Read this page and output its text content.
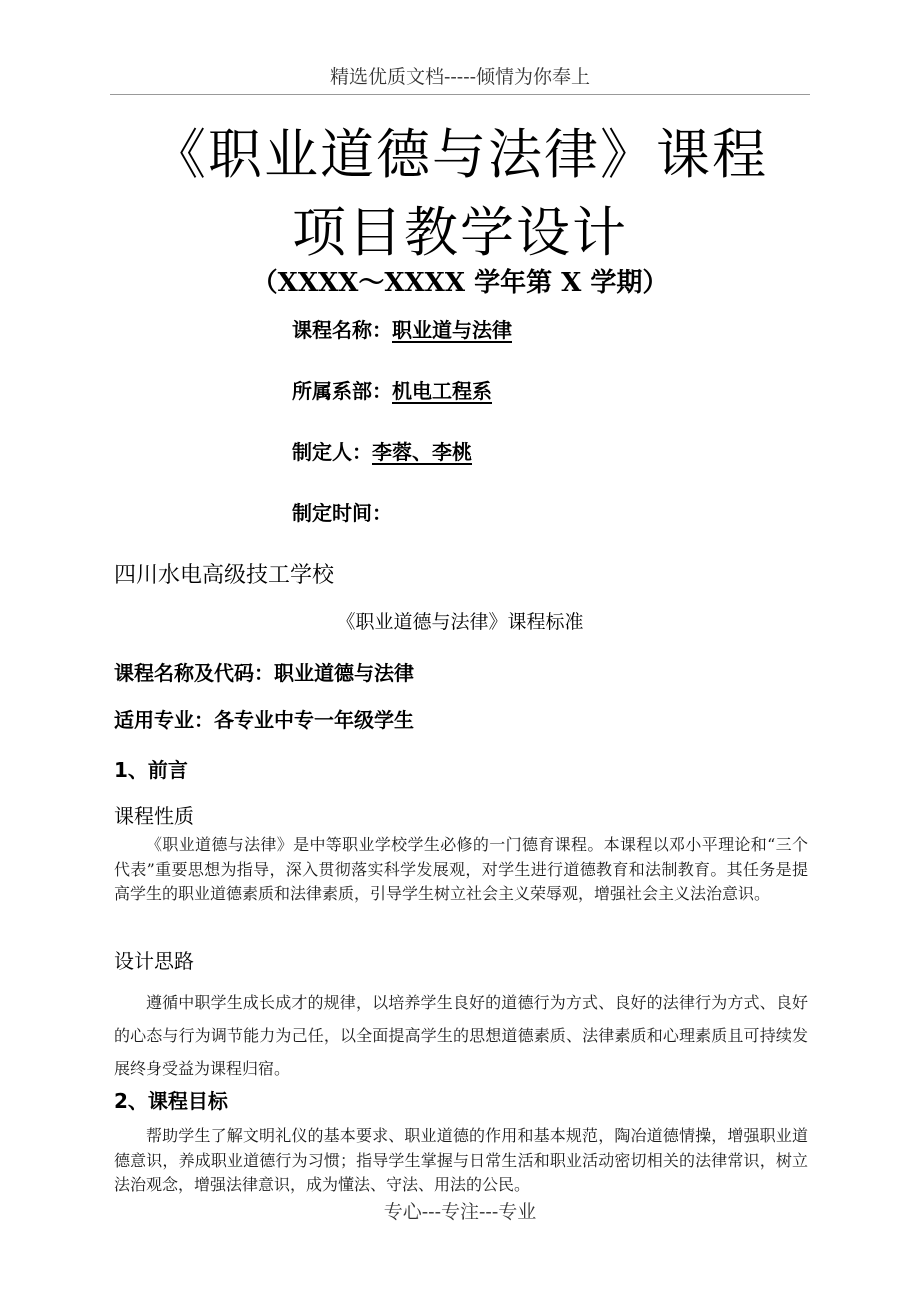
精选优质文档-----倾情为你奉上
《职业道德与法律》课程
项目教学设计
（XXXX～XXXX 学年第 X 学期）
课程名称：职业道与法律
所属系部：机电工程系
制定人：李蓉、李桃
制定时间：
四川水电高级技工学校
《职业道德与法律》课程标准
课程名称及代码：职业道德与法律
适用专业：各专业中专一年级学生
1、前言
课程性质

《职业道德与法律》是中等职业学校学生必修的一门德育课程。本课程以邓小平理论和“三个代表”重要思想为指导，深入贯彻落实科学发展观，对学生进行道德教育和法制教育。其任务是提高学生的职业道德素质和法律素质，引导学生树立社会主义荣辱观，增强社会主义法治意识。

设计思路

遵循中职学生成长成才的规律，以培养学生良好的道德行为方式、良好的法律行为方式、良好的心态与行为调节能力为己任，以全面提高学生的思想道德素质、法律素质和心理素质且可持续发展终身受益为课程归宿。

2、课程目标

帮助学生了解文明礼仪的基本要求、职业道德的作用和基本规范，陶冶道德情操，增强职业道德意识，养成职业道德行为习惯；指导学生掌握与日常生活和职业活动密切相关的法律常识，树立法治观念，增强法律意识，成为懂法、守法、用法的公民。

专心---专注---专业
